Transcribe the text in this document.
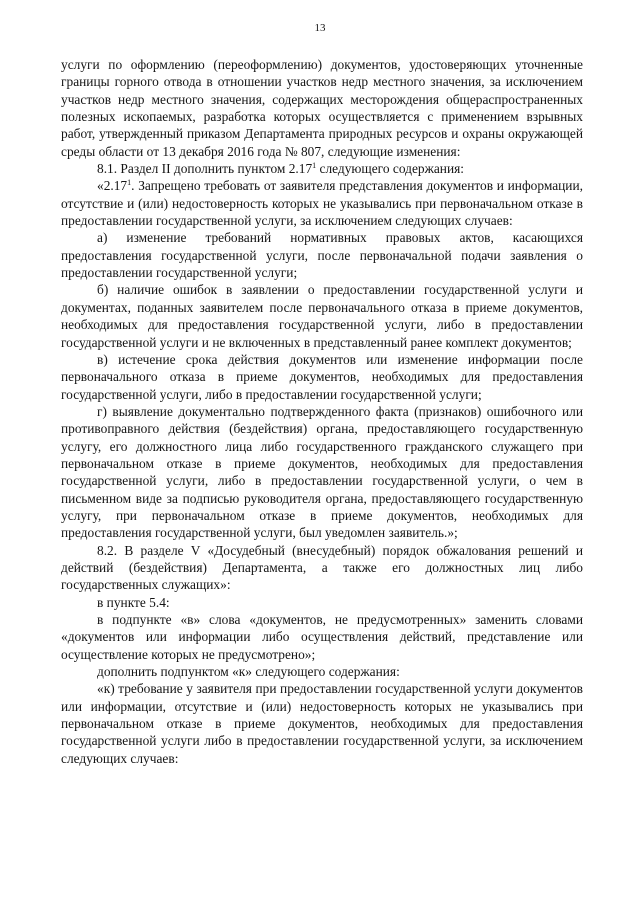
13

услуги по оформлению (переоформлению) документов, удостоверяющих уточненные границы горного отвода в отношении участков недр местного значения, за исключением участков недр местного значения, содержащих месторождения общераспространенных полезных ископаемых, разработка которых осуществляется с применением взрывных работ, утвержденный приказом Департамента природных ресурсов и охраны окружающей среды области от 13 декабря 2016 года № 807, следующие изменения:

8.1. Раздел II дополнить пунктом 2.17$^1$ следующего содержания:

«2.17$^1$. Запрещено требовать от заявителя представления документов и информации, отсутствие и (или) недостоверность которых не указывались при первоначальном отказе в предоставлении государственной услуги, за исключением следующих случаев:

а) изменение требований нормативных правовых актов, касающихся предоставления государственной услуги, после первоначальной подачи заявления о предоставлении государственной услуги;

б) наличие ошибок в заявлении о предоставлении государственной услуги и документах, поданных заявителем после первоначального отказа в приеме документов, необходимых для предоставления государственной услуги, либо в предоставлении государственной услуги и не включенных в представленный ранее комплект документов;

в) истечение срока действия документов или изменение информации после первоначального отказа в приеме документов, необходимых для предоставления государственной услуги, либо в предоставлении государственной услуги;

г) выявление документально подтвержденного факта (признаков) ошибочного или противоправного действия (бездействия) органа, предоставляющего государственную услугу, его должностного лица либо государственного гражданского служащего при первоначальном отказе в приеме документов, необходимых для предоставления государственной услуги, либо в предоставлении государственной услуги, о чем в письменном виде за подписью руководителя органа, предоставляющего государственную услугу, при первоначальном отказе в приеме документов, необходимых для предоставления государственной услуги, был уведомлен заявитель.»;

8.2. В разделе V «Досудебный (внесудебный) порядок обжалования решений и действий (бездействия) Департамента, а также его должностных лиц либо государственных служащих»:

в пункте 5.4:

в подпункте «в» слова «документов, не предусмотренных» заменить словами «документов или информации либо осуществления действий, представление или осуществление которых не предусмотрено»;

дополнить подпунктом «к» следующего содержания:

«к) требование у заявителя при предоставлении государственной услуги документов или информации, отсутствие и (или) недостоверность которых не указывались при первоначальном отказе в приеме документов, необходимых для предоставления государственной услуги либо в предоставлении государственной услуги, за исключением следующих случаев:
